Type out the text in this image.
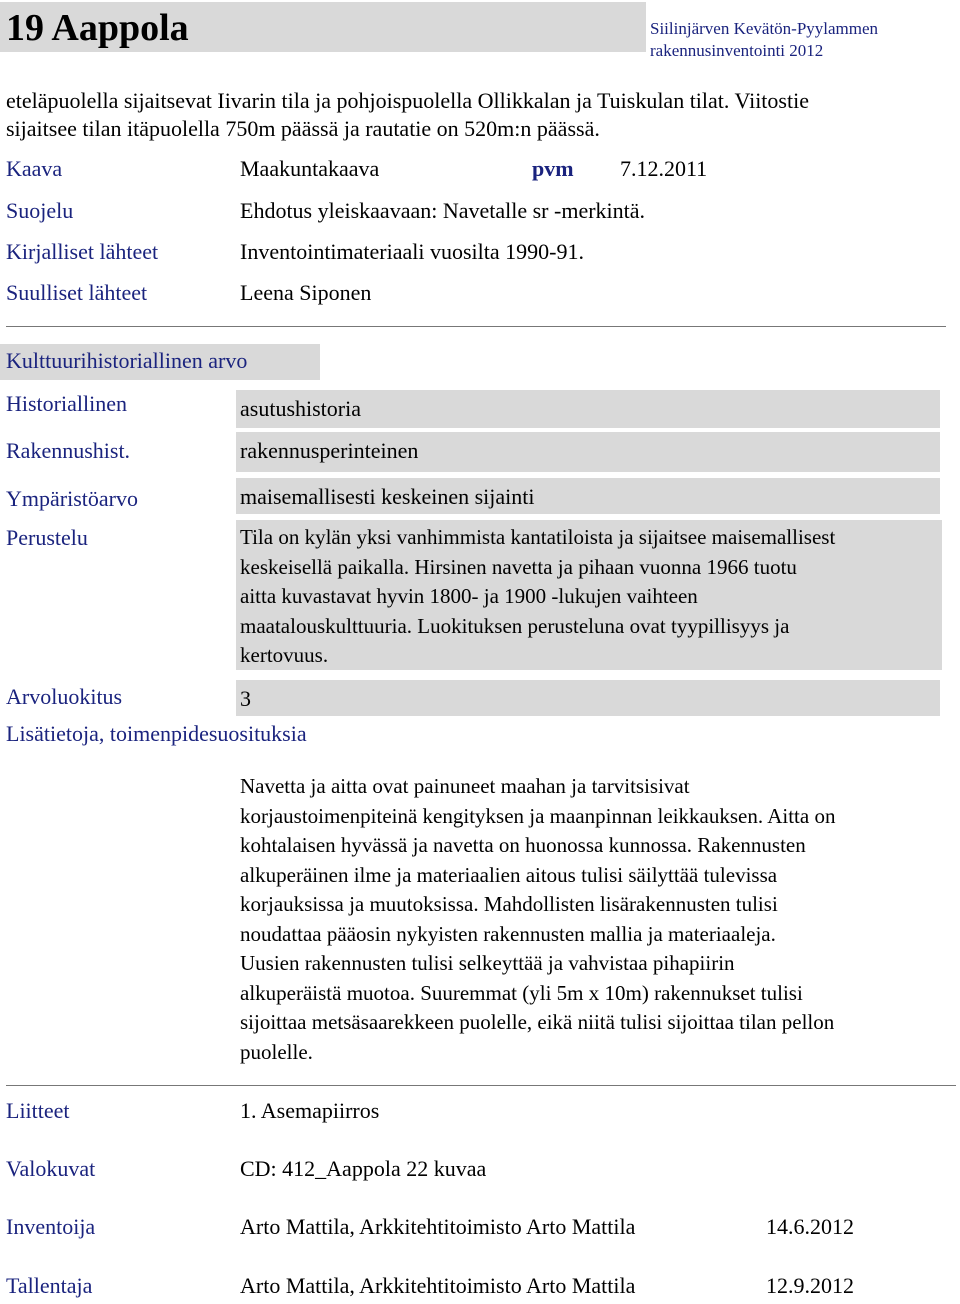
19 Aappola	Siilinjärven Kevätön-Pyylammen
rakennusinventointi 2012
eteläpuolella sijaitsevat Iivarin tila ja pohjoispuolella Ollikkalan ja Tuiskulan tilat. Viitostie
sijaitsee tilan itäpuolella 750m päässä ja rautatie on 520m:n päässä.
Kaava	Maakuntakaava	pvm 7.12.2011
Suojelu	Ehdotus yleiskaavaan: Navetalle sr -merkintä.
Kirjalliset lähteet	Inventointimateriaali vuosilta 1990-91.
Suulliset lähteet	Leena Siponen
Kulttuurihistoriallinen arvo
Historiallinen	asutushistoria
Rakennushist.	rakennusperinteinen
Ympäristöarvo	maisemallisesti keskeinen sijainti
Perustelu	Tila on kylän yksi vanhimmista kantatiloista ja sijaitsee maisemallisest
keskeisellä paikalla. Hirsinen navetta ja pihaan vuonna 1966 tuotu
aitta kuvastavat hyvin 1800- ja 1900 -lukujen vaihteen
maatalouskulttuuria. Luokituksen perusteluna ovat tyypillisyys ja
kertovuus.
Arvoluokitus	3
Lisätietoja, toimenpidesuosituksia
Navetta ja aitta ovat painuneet maahan ja tarvitsisivat
korjaustoimenpiteinä kengityksen ja maanpinnan leikkauksen. Aitta on
kohtalaisen hyvässä ja navetta on huonossa kunnossa. Rakennusten
alkuperäinen ilme ja materiaalien aitous tulisi säilyttää tulevissa
korjauksissa ja muutoksissa. Mahdollisten lisärakennusten tulisi
noudattaa pääosin nykyisten rakennusten mallia ja materiaaleja.
Uusien rakennusten tulisi selkeyttää ja vahvistaa pihapiirin
alkuperäistä muotoa. Suuremmat (yli 5m x 10m) rakennukset tulisi
sijoittaa metsäsaarekkeen puolelle, eikä niitä tulisi sijoittaa tilan pellon
puolelle.
Liitteet	1. Asemapiirros
Valokuvat	CD: 412_Aappola 22 kuvaa
Inventoija	Arto Mattila, Arkkitehtitoimisto Arto Mattila	14.6.2012
Tallentaja	Arto Mattila, Arkkitehtitoimisto Arto Mattila	12.9.2012
